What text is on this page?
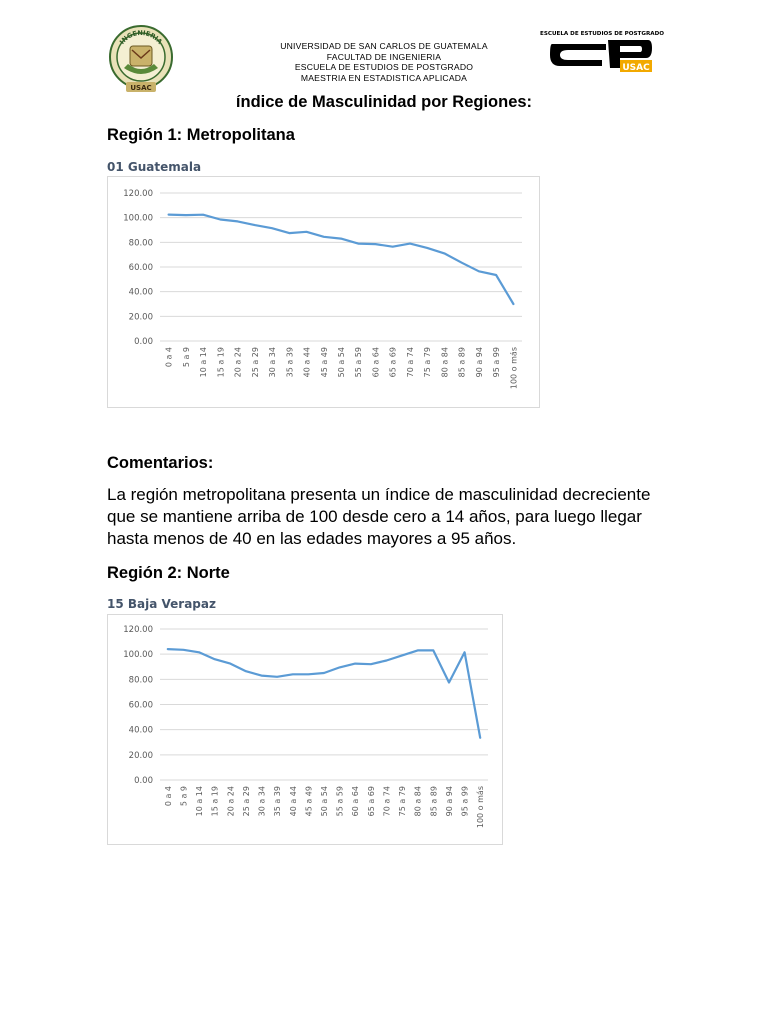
INGENIERIA
USAC
UNIVERSIDAD DE SAN CARLOS DE GUATEMALA
FACULTAD DE INGENIERIA
ESCUELA DE ESTUDIOS DE POSTGRADO
MAESTRIA EN ESTADISTICA APLICADA
ESCUELA DE ESTUDIOS DE POSTGRADO
USAC
índice de Masculinidad por Regiones:
Región 1: Metropolitana
01 Guatemala
0.00
20.00
40.00
60.00
80.00
100.00
120.00
0 a 4 5 a 9 10 a 14 15 a 19 20 a 24 25 a 29 30 a 34 35 a 39 40 a 44 45 a 49 50 a 54 55 a 59 60 a 64 65 a 69 70 a 74 75 a 79 80 a 84 85 a 89 90 a 94 95 a 99 100 o más
Comentarios:
La región metropolitana presenta un índice de masculinidad decreciente
que se mantiene arriba de 100 desde cero a 14 años, para luego llegar
hasta menos de 40 en las edades mayores a 95 años.
Región 2: Norte
15 Baja Verapaz
0.00
20.00
40.00
60.00
80.00
100.00
120.00
0 a 4 5 a 9 10 a 14 15 a 19 20 a 24 25 a 29 30 a 34 35 a 39 40 a 44 45 a 49 50 a 54 55 a 59 60 a 64 65 a 69 70 a 74 75 a 79 80 a 84 85 a 89 90 a 94 95 a 99 100 o más
